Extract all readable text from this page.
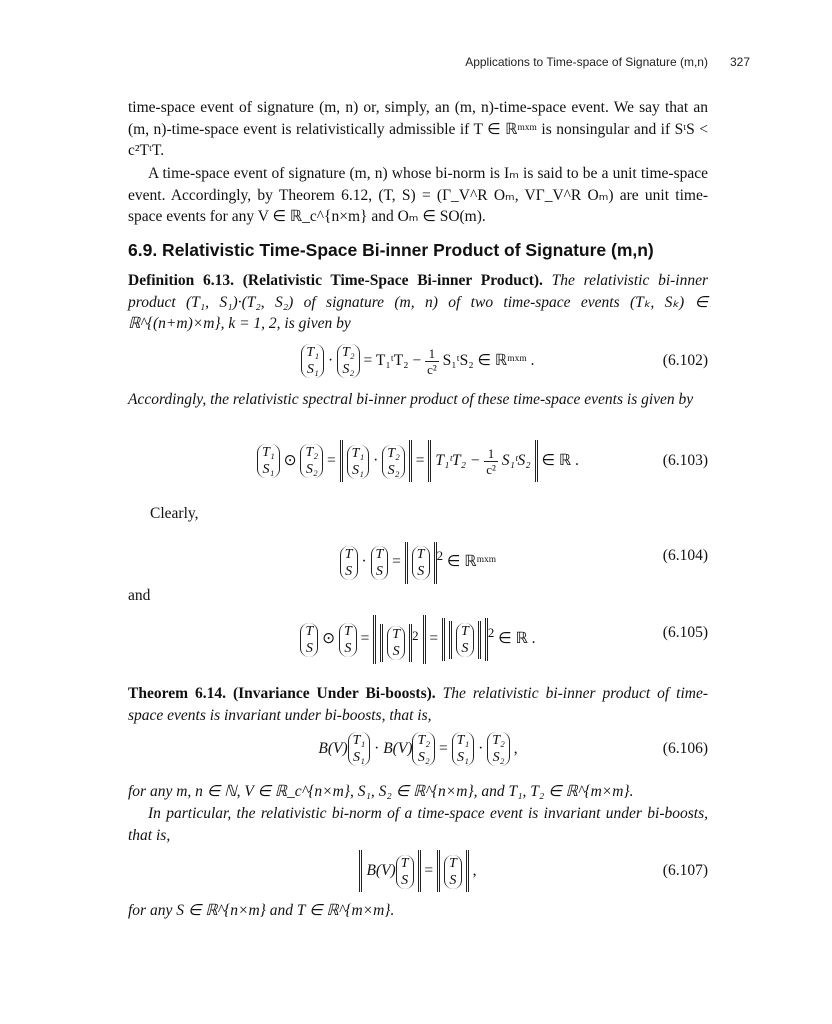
Applications to Time-space of Signature (m,n) 327
time-space event of signature (m, n) or, simply, an (m, n)-time-space event. We say that an (m, n)-time-space event is relativistically admissible if T ∈ ℝᵐˣᵐ is nonsingular and if SᵗS < c²TᵗT.
A time-space event of signature (m, n) whose bi-norm is Iₘ is said to be a unit time-space event. Accordingly, by Theorem 6.12, (T, S) = (Γ_V^R Oₘ, VΓ_V^R Oₘ) are unit time-space events for any V ∈ ℝ_c^{n×m} and Oₘ ∈ SO(m).
6.9. Relativistic Time-Space Bi-inner Product of Signature (m,n)
Definition 6.13. (Relativistic Time-Space Bi-inner Product). The relativistic bi-inner product (T₁, S₁)·(T₂, S₂) of signature (m, n) of two time-space events (Tₖ, Sₖ) ∈ ℝ^{(n+m)×m}, k = 1, 2, is given by
T₁
S₁ · T₂
S₂ = T₁ᵗT₂ − $\frac{1}{\text{c²}}$ S₁ᵗS₂ ∈ ℝᵐˣᵐ .	(6.102)
Accordingly, the relativistic spectral bi-inner product of these time-space events is given by
T₁
S₁ ⊙ T₂
S₂ = T₁
S₁ · T₂
S₂ = T₁ᵗT₂ − $\frac{1}{\text{c²}}$ S₁ᵗS₂ ∈ ℝ .	(6.103)
Clearly,
T
S · T
S = T
$S^2$ ∈ ℝᵐˣᵐ	(6.104)
and
T
S ⊙ T
S = T
$S^2 = T$
$S^2$ ∈ ℝ .	(6.105)
Theorem 6.14. (Invariance Under Bi-boosts). The relativistic bi-inner product of time-space events is invariant under bi-boosts, that is,
B(V) T₁
S₁ · B(V) T₂
S₂ = T₁
S₁ · T₂
S₂ ,	(6.106)
for any m, n ∈ ℕ, V ∈ ℝ_c^{n×m}, S₁, S₂ ∈ ℝ^{n×m}, and T₁, T₂ ∈ ℝ^{m×m}.
In particular, the relativistic bi-norm of a time-space event is invariant under bi-boosts, that is,
B(V) T
S = T
S ,	(6.107)
for any S ∈ ℝ^{n×m} and T ∈ ℝ^{m×m}.
